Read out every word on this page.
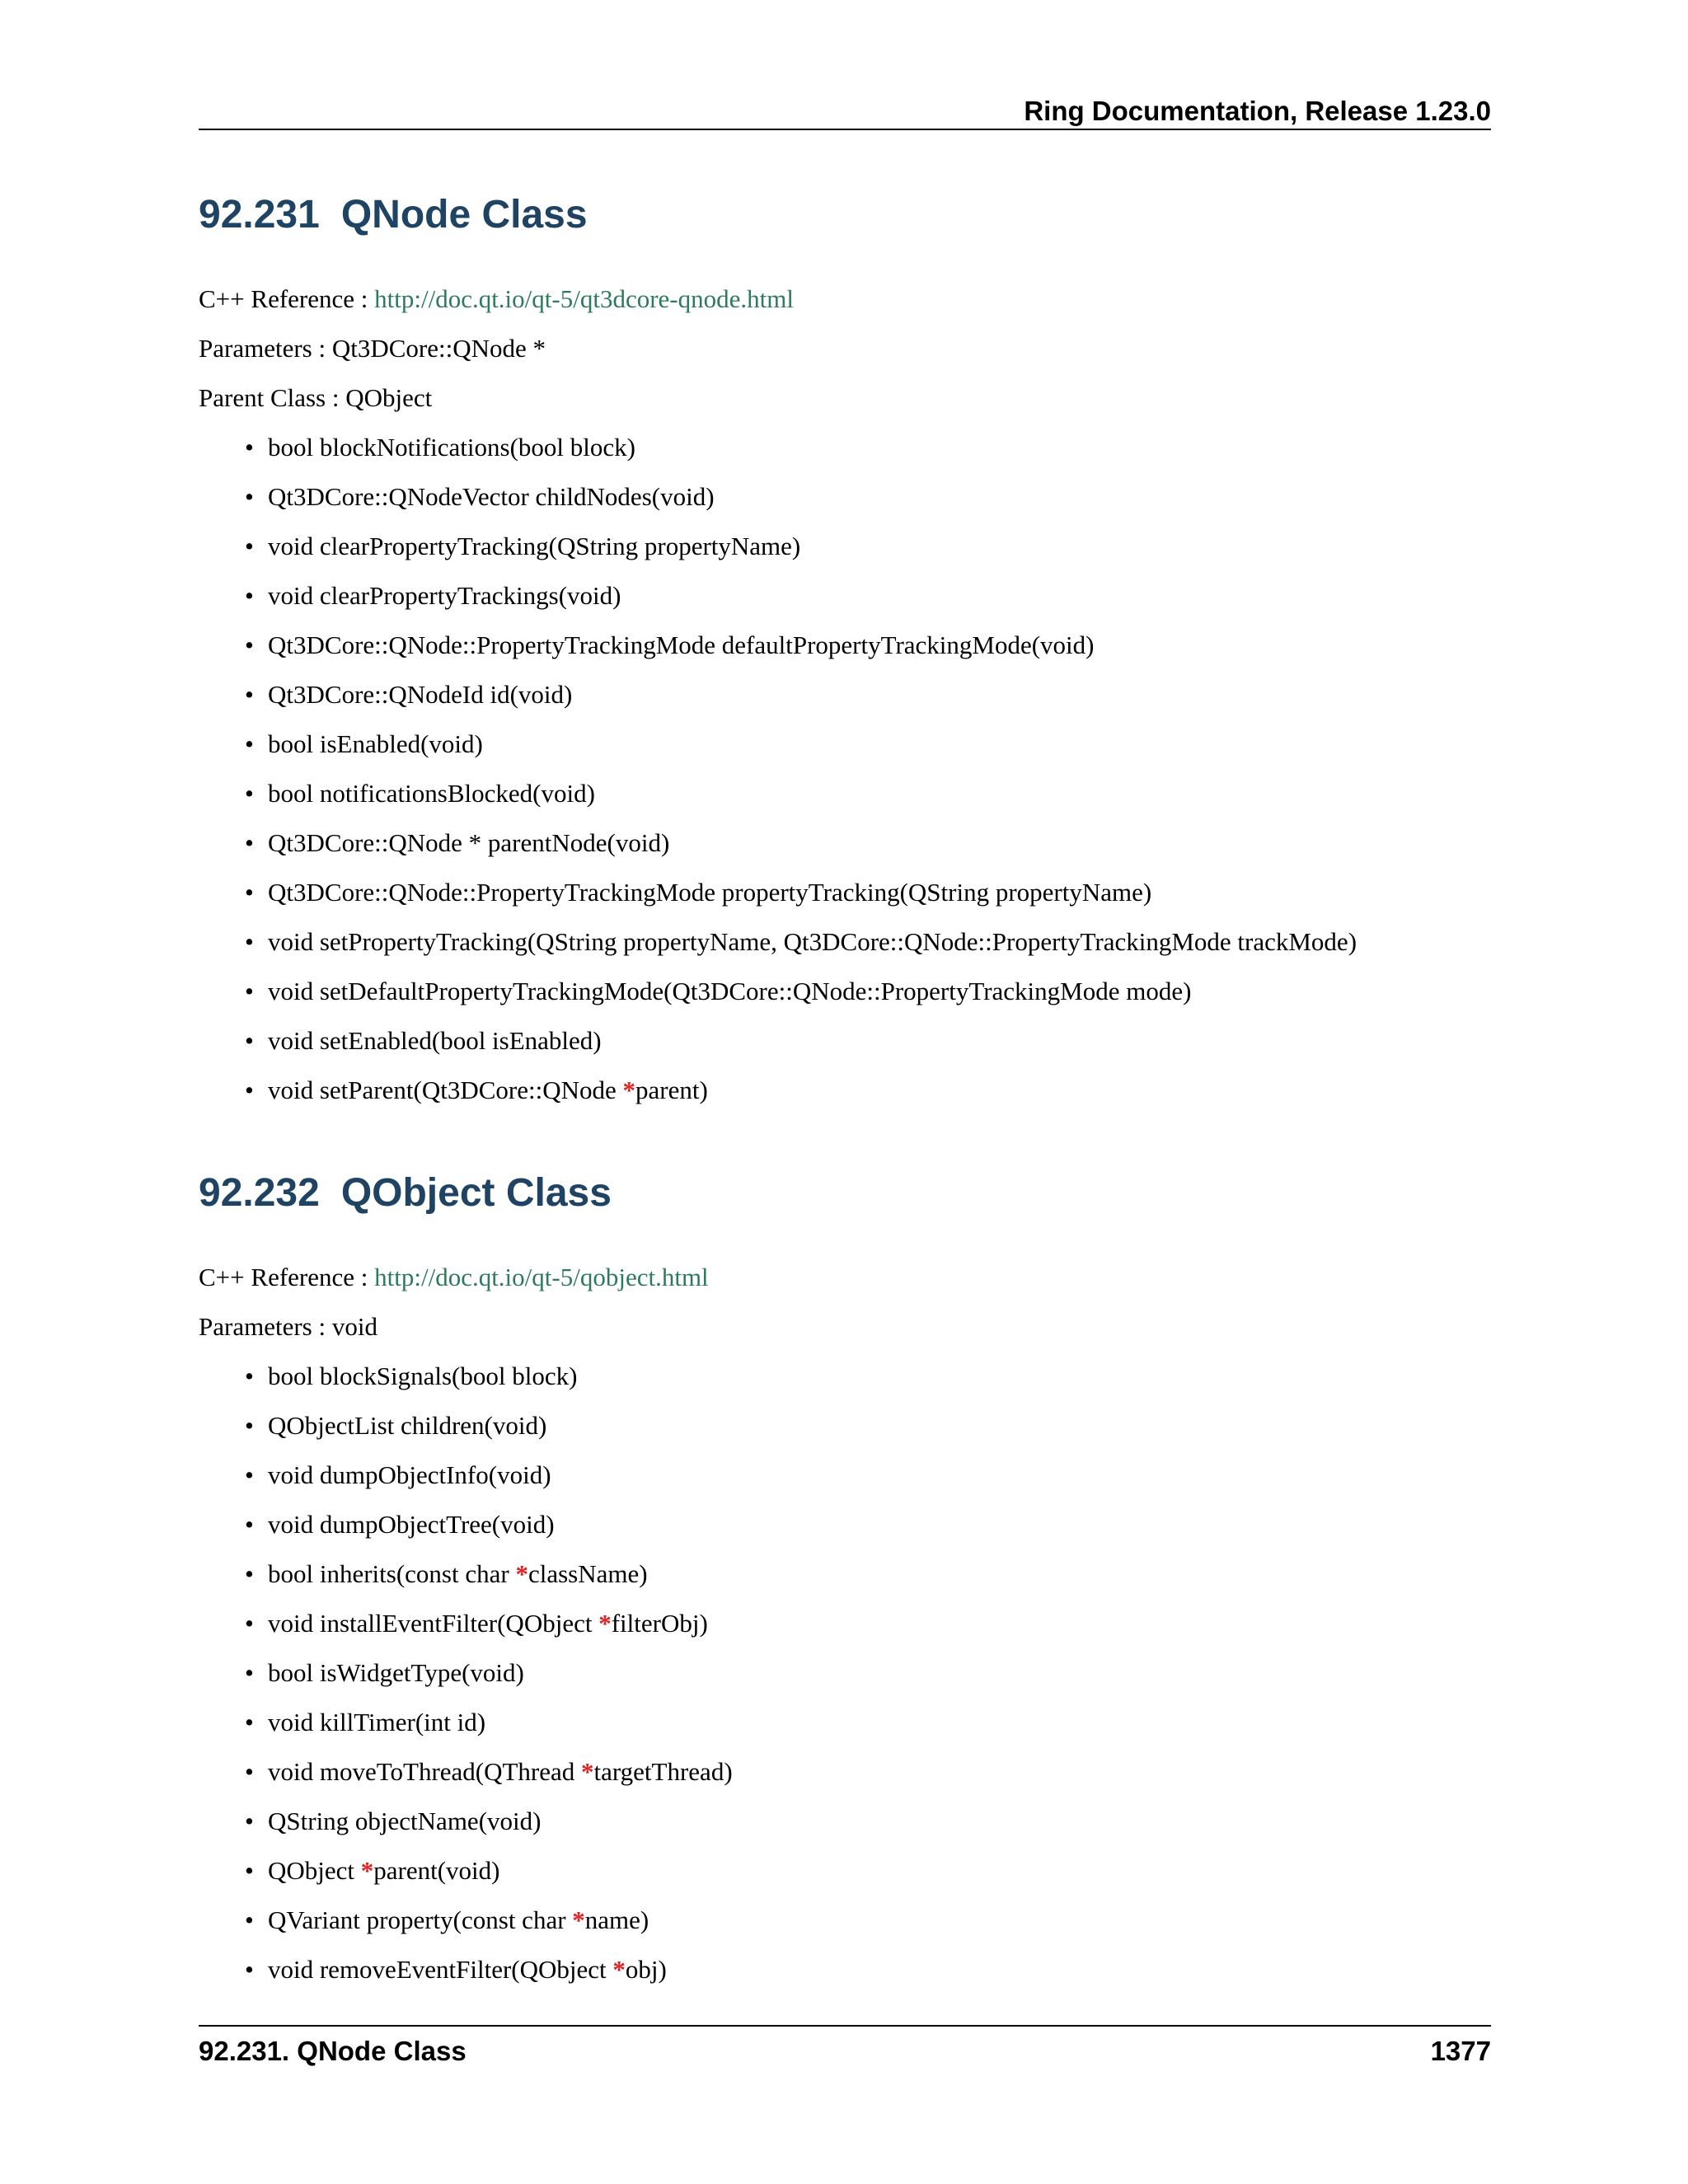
Ring Documentation, Release 1.23.0
92.231 QNode Class
C++ Reference : http://doc.qt.io/qt-5/qt3dcore-qnode.html
Parameters : Qt3DCore::QNode *
Parent Class : QObject
• bool blockNotifications(bool block)
• Qt3DCore::QNodeVector childNodes(void)
• void clearPropertyTracking(QString propertyName)
• void clearPropertyTrackings(void)
• Qt3DCore::QNode::PropertyTrackingMode defaultPropertyTrackingMode(void)
• Qt3DCore::QNodeId id(void)
• bool isEnabled(void)
• bool notificationsBlocked(void)
• Qt3DCore::QNode * parentNode(void)
• Qt3DCore::QNode::PropertyTrackingMode propertyTracking(QString propertyName)
• void setPropertyTracking(QString propertyName, Qt3DCore::QNode::PropertyTrackingMode trackMode)
• void setDefaultPropertyTrackingMode(Qt3DCore::QNode::PropertyTrackingMode mode)
• void setEnabled(bool isEnabled)
• void setParent(Qt3DCore::QNode *parent)
92.232 QObject Class
C++ Reference : http://doc.qt.io/qt-5/qobject.html
Parameters : void
• bool blockSignals(bool block)
• QObjectList children(void)
• void dumpObjectInfo(void)
• void dumpObjectTree(void)
• bool inherits(const char *className)
• void installEventFilter(QObject *filterObj)
• bool isWidgetType(void)
• void killTimer(int id)
• void moveToThread(QThread *targetThread)
• QString objectName(void)
• QObject *parent(void)
• QVariant property(const char *name)
• void removeEventFilter(QObject *obj)
92.231. QNode Class	1377
